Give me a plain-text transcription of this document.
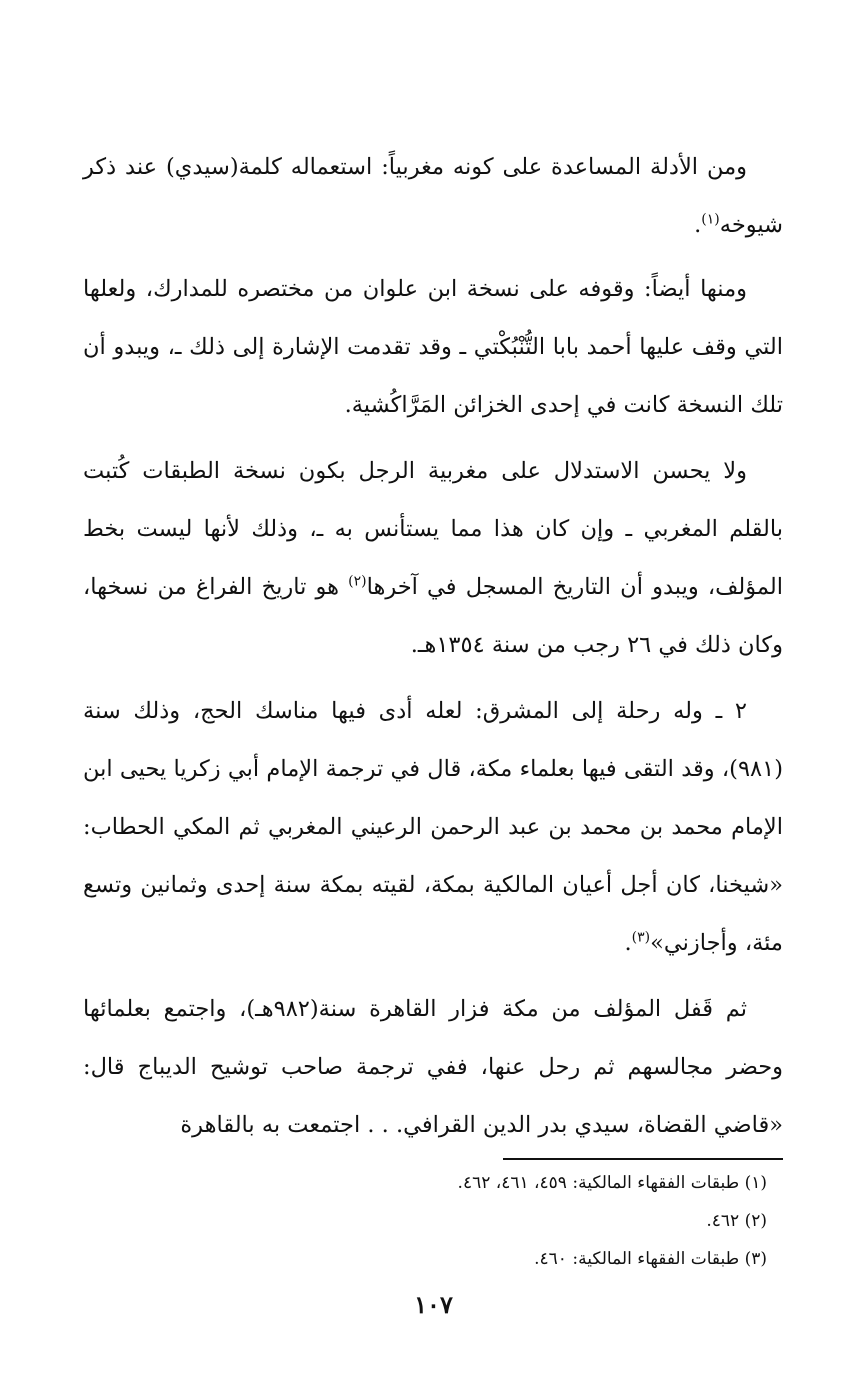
ومن الأدلة المساعدة على كونه مغربياً: استعماله كلمة(سيدي) عند ذكر شيوخه$^{(١)}$.

ومنها أيضاً: وقوفه على نسخة ابن علوان من مختصره للمدارك، ولعلها التي وقف عليها أحمد بابا التُّنْبُكْتي ـ وقد تقدمت الإشارة إلى ذلك ـ، ويبدو أن تلك النسخة كانت في إحدى الخزائن المَرَّاكُشية.

ولا يحسن الاستدلال على مغربية الرجل بكون نسخة الطبقات كُتبت بالقلم المغربي ـ وإن كان هذا مما يستأنس به ـ، وذلك لأنها ليست بخط المؤلف، ويبدو أن التاريخ المسجل في آخرها$^{(٢)}$ هو تاريخ الفراغ من نسخها، وكان ذلك في ٢٦ رجب من سنة ١٣٥٤هـ.

٢ ـ وله رحلة إلى المشرق: لعله أدى فيها مناسك الحج، وذلك سنة (٩٨١)، وقد التقى فيها بعلماء مكة، قال في ترجمة الإمام أبي زكريا يحيى ابن الإمام محمد بن محمد بن عبد الرحمن الرعيني المغربي ثم المكي الحطاب: «شيخنا، كان أجل أعيان المالكية بمكة، لقيته بمكة سنة إحدى وثمانين وتسع مئة، وأجازني»$^{(٣)}$.

ثم قَفل المؤلف من مكة فزار القاهرة سنة(٩٨٢هـ)، واجتمع بعلمائها وحضر مجالسهم ثم رحل عنها، ففي ترجمة صاحب توشيح الديباج قال: «قاضي القضاة، سيدي بدر الدين القرافي. . . اجتمعت به بالقاهرة

(١) طبقات الفقهاء المالكية: ٤٥٩، ٤٦١، ٤٦٢.

(٢) ٤٦٢.

(٣) طبقات الفقهاء المالكية: ٤٦٠.

١٠٧
